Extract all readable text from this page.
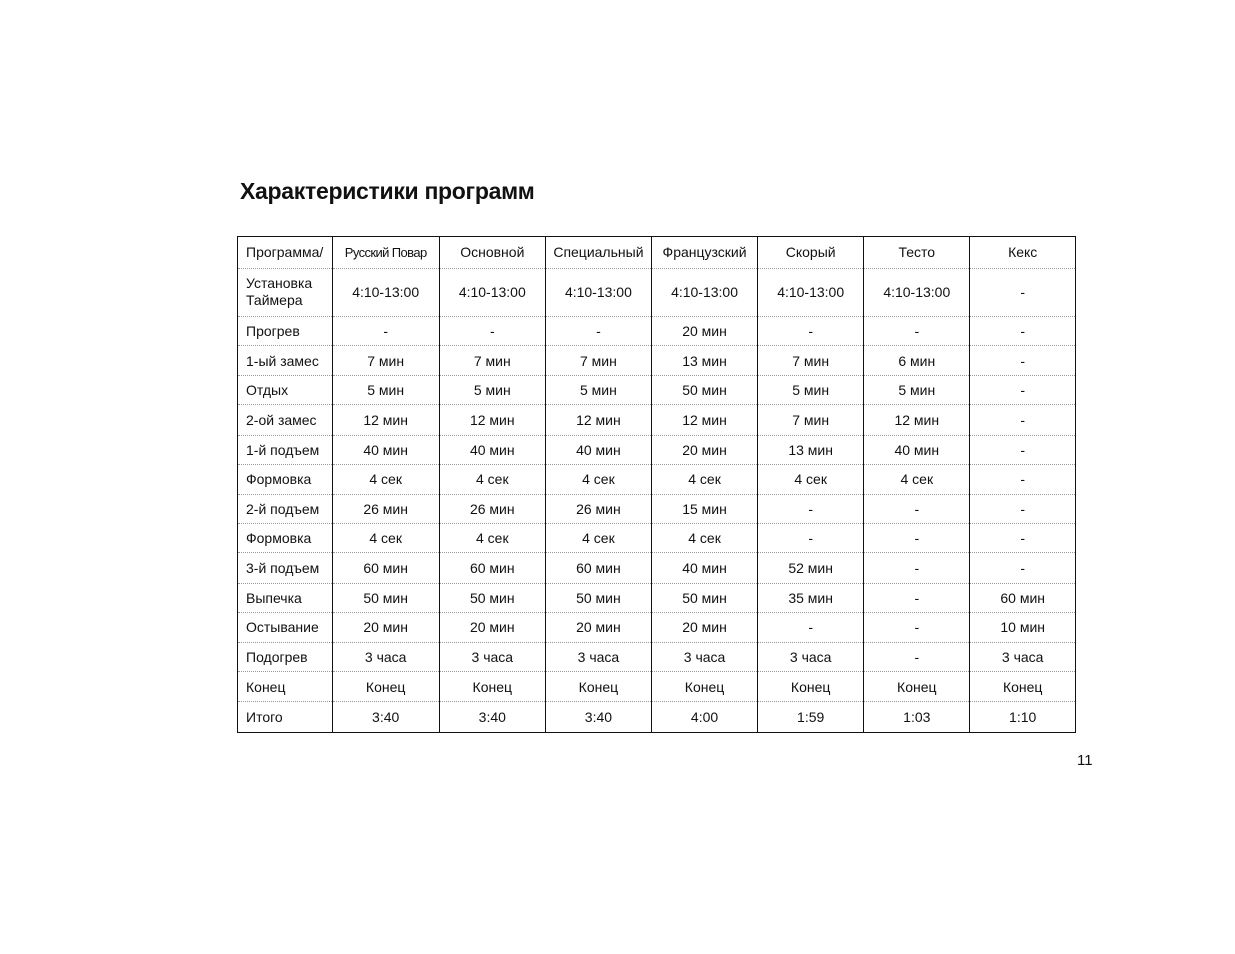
Характеристики программ
Программа/	Русский Повар	Основной	Специальный	Французский	Скорый	Тесто	Кекс
Установка Таймера	4:10-13:00	4:10-13:00	4:10-13:00	4:10-13:00	4:10-13:00	4:10-13:00	-
Прогрев	-	-	-	20 мин	-	-	-
1-ый замес	7 мин	7 мин	7 мин	13 мин	7 мин	6 мин	-
Отдых	5 мин	5 мин	5 мин	50 мин	5 мин	5 мин	-
2-ой замес	12 мин	12 мин	12 мин	12 мин	7 мин	12 мин	-
1-й подъем	40 мин	40 мин	40 мин	20 мин	13 мин	40 мин	-
Формовка	4 сек	4 сек	4 сек	4 сек	4 сек	4 сек	-
2-й подъем	26 мин	26 мин	26 мин	15 мин	-	-	-
Формовка	4 сек	4 сек	4 сек	4 сек	-	-	-
3-й подъем	60 мин	60 мин	60 мин	40 мин	52 мин	-	-
Выпечка	50 мин	50 мин	50 мин	50 мин	35 мин	-	60 мин
Остывание	20 мин	20 мин	20 мин	20 мин	-	-	10 мин
Подогрев	3 часа	3 часа	3 часа	3 часа	3 часа	-	3 часа
Конец	Конец	Конец	Конец	Конец	Конец	Конец	Конец
Итого	3:40	3:40	3:40	4:00	1:59	1:03	1:10
11
